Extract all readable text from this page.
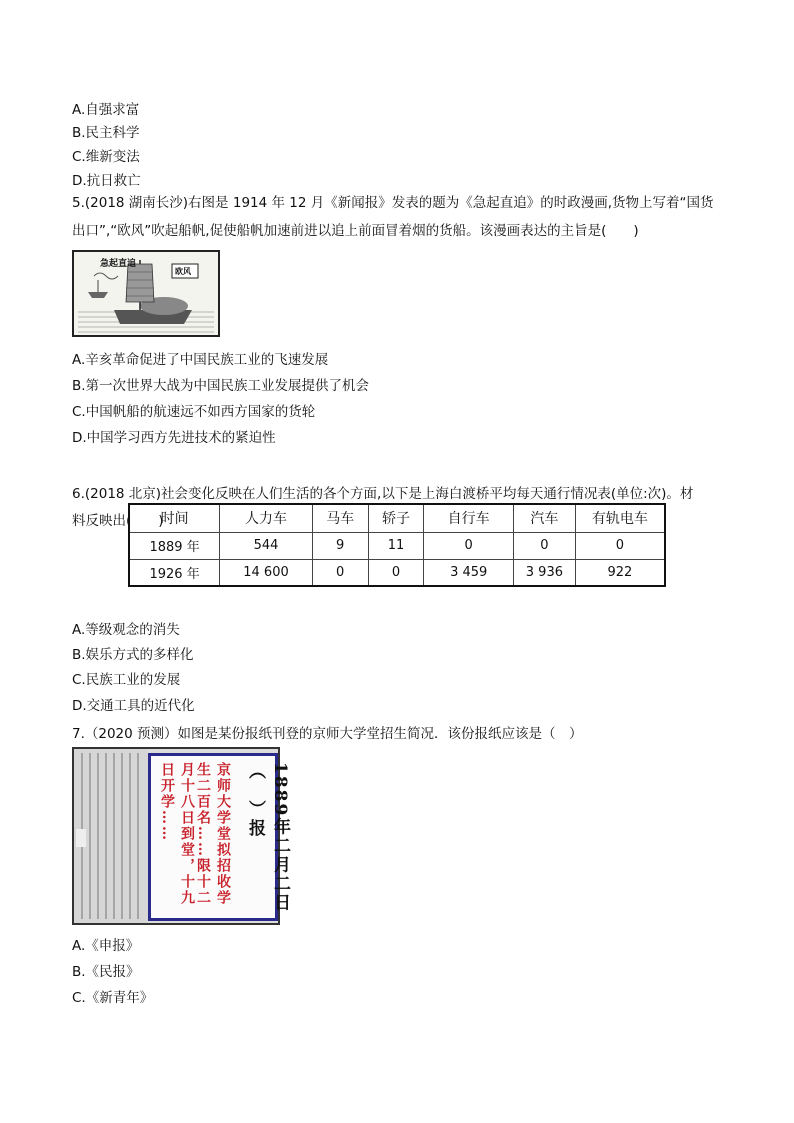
A.自强求富
B.民主科学
C.维新变法
D.抗日救亡
5.(2018 湖南长沙)右图是 1914 年 12 月《新闻报》发表的题为《急起直追》的时政漫画,货物上写着“国货
出口”,“欧风”吹起船帆,促使船帆加速前进以追上前面冒着烟的货船。该漫画表达的主旨是(　　)
急起直追
欧风
A.辛亥革命促进了中国民族工业的飞速发展
B.第一次世界大战为中国民族工业发展提供了机会
C.中国帆船的航速远不如西方国家的货轮
D.中国学习西方先进技术的紧迫性
6.(2018 北京)社会变化反映在人们生活的各个方面,以下是上海白渡桥平均每天通行情况表(单位:次)。材
料反映出(　　)
时间	人力车	马车	轿子	自行车	汽车	有轨电车
1889 年	544	9	11	0	0	0
1926 年	14 600	0	0	3 459	3 936	922
A.等级观念的消失
B.娱乐方式的多样化
C.民族工业的发展
D.交通工具的近代化
7.（2020 预测）如图是某份报纸刊登的京师大学堂招生简况．该份报纸应该是（　）
月十八日到堂，十九日开学……	京师大学堂拟招收学生二百名……限十二	1889年二月二日（　）报
A.《申报》
B.《民报》
C.《新青年》
